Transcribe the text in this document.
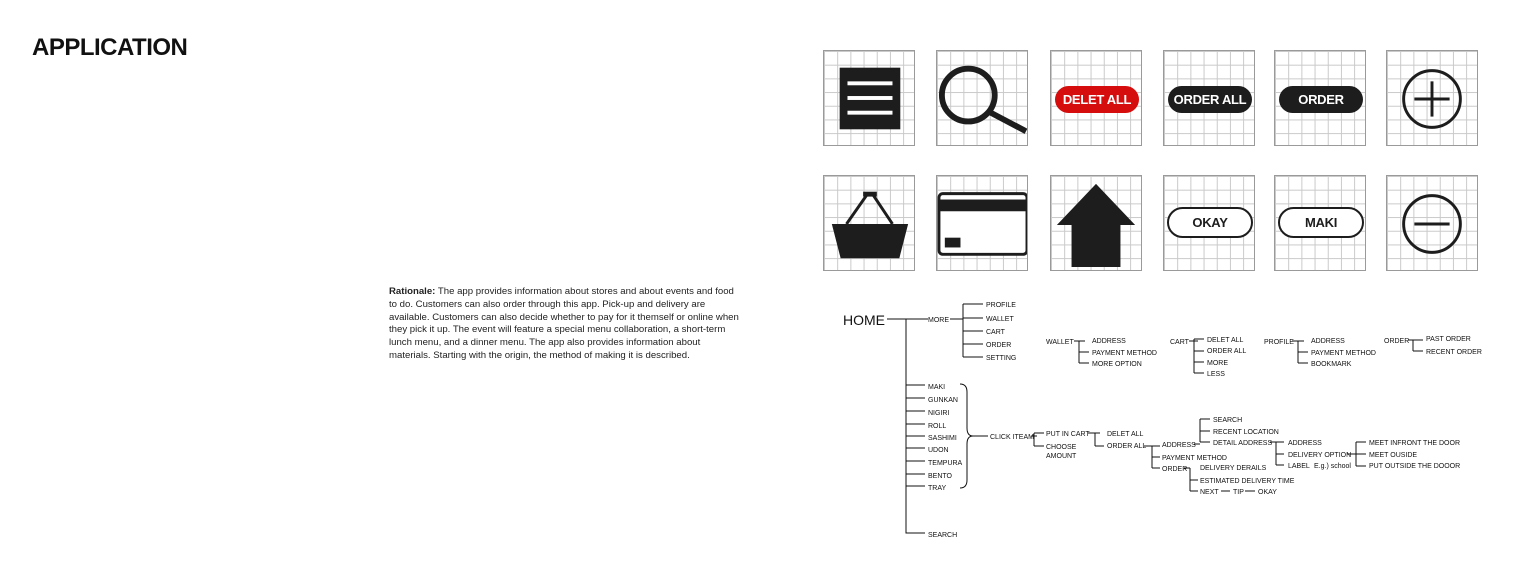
APPLICATION
Rationale: The app provides information about stores and about events and food to do. Customers can also order through this app. Pick-up and delivery are available. Customers can also decide whether to pay for it themself or online when they pick it up. The event will feature a special menu collaboration, a short-term lunch menu, and a dinner menu. The app also provides information about materials. Starting with the origin, the method of making it is described.
DELET ALL	ORDER ALL	ORDER
OKAY	MAKI
HOME	MORE
PROFILE
WALLET
CART
ORDER
SETTING
WALLET	ADDRESS
PAYMENT METHOD
MORE OPTION
CART	DELET ALL
ORDER ALL
MORE
LESS
PROFILE ADDRESS
PAYMENT METHOD
BOOKMARK
ORDER PAST ORDER
RECENT ORDER
MAKI
GUNKAN
NIGIRI
ROLL
SASHIMI
UDON
TEMPURA
BENTO
TRAY
CLICK ITEAM PUT IN CART
CHOOSE
AMOUNT
DELET ALL
ORDER ALL ADDRESS
PAYMENT METHOD
ORDER
SEARCH
RECENT LOCATION
DETAIL ADDRESS ADDRESS
DELIVERY OPTION
LABEL E.g.) school
MEET INFRONT THE DOOR
MEET OUSIDE
PUT OUTSIDE THE DOOOR
DELIVERY DERAILS
ESTIMATED DELIVERY TIME
NEXT TIP OKAY
SEARCH
